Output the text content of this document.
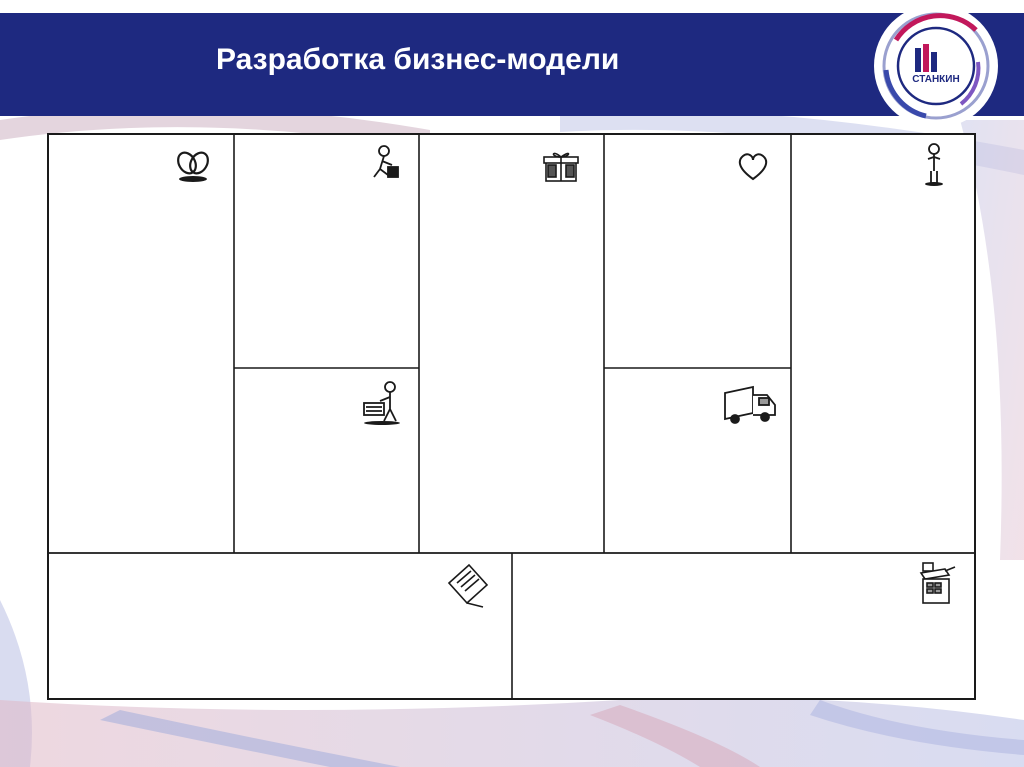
Разработка бизнес-модели
СТАНКИН
